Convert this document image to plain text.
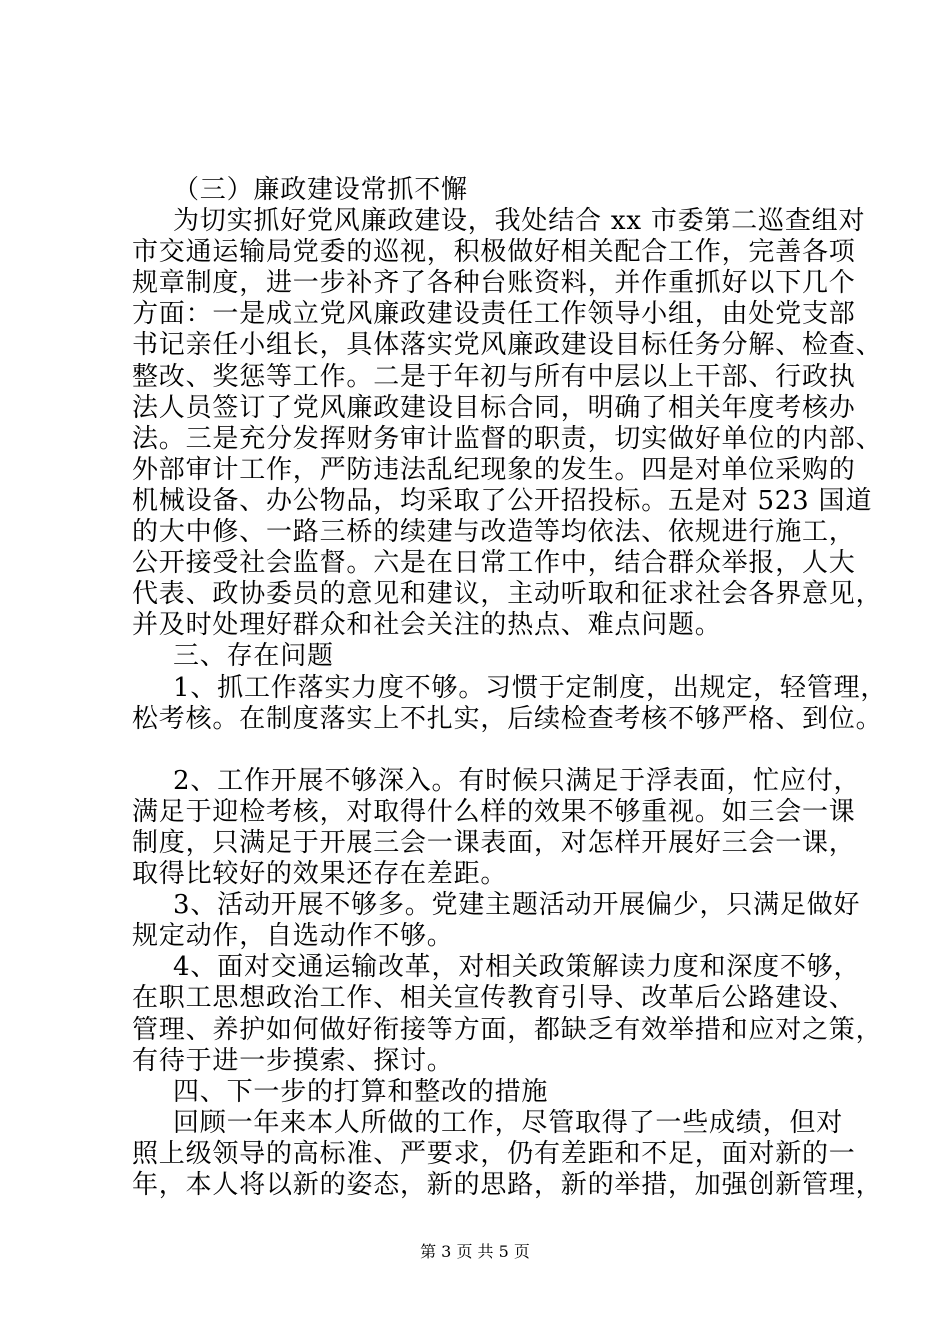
（三）廉政建设常抓不懈
为切实抓好党风廉政建设，我处结合 xx 市委第二巡查组对
市交通运输局党委的巡视，积极做好相关配合工作，完善各项
规章制度，进一步补齐了各种台账资料，并作重抓好以下几个
方面：一是成立党风廉政建设责任工作领导小组，由处党支部
书记亲任小组长，具体落实党风廉政建设目标任务分解、检查、
整改、奖惩等工作。二是于年初与所有中层以上干部、行政执
法人员签订了党风廉政建设目标合同，明确了相关年度考核办
法。三是充分发挥财务审计监督的职责，切实做好单位的内部、
外部审计工作，严防违法乱纪现象的发生。四是对单位采购的
机械设备、办公物品，均采取了公开招投标。五是对 523 国道
的大中修、一路三桥的续建与改造等均依法、依规进行施工，
公开接受社会监督。六是在日常工作中，结合群众举报，人大
代表、政协委员的意见和建议，主动听取和征求社会各界意见，
并及时处理好群众和社会关注的热点、难点问题。
三、存在问题
1、抓工作落实力度不够。习惯于定制度，出规定，轻管理，
松考核。在制度落实上不扎实，后续检查考核不够严格、到位。
2、工作开展不够深入。有时候只满足于浮表面，忙应付，
满足于迎检考核，对取得什么样的效果不够重视。如三会一课
制度，只满足于开展三会一课表面，对怎样开展好三会一课，
取得比较好的效果还存在差距。
3、活动开展不够多。党建主题活动开展偏少，只满足做好
规定动作，自选动作不够。
4、面对交通运输改革，对相关政策解读力度和深度不够，
在职工思想政治工作、相关宣传教育引导、改革后公路建设、
管理、养护如何做好衔接等方面，都缺乏有效举措和应对之策，
有待于进一步摸索、探讨。
四、下一步的打算和整改的措施
回顾一年来本人所做的工作，尽管取得了一些成绩，但对
照上级领导的高标准、严要求，仍有差距和不足，面对新的一
年，本人将以新的姿态，新的思路，新的举措，加强创新管理，
第 3 页 共 5 页
